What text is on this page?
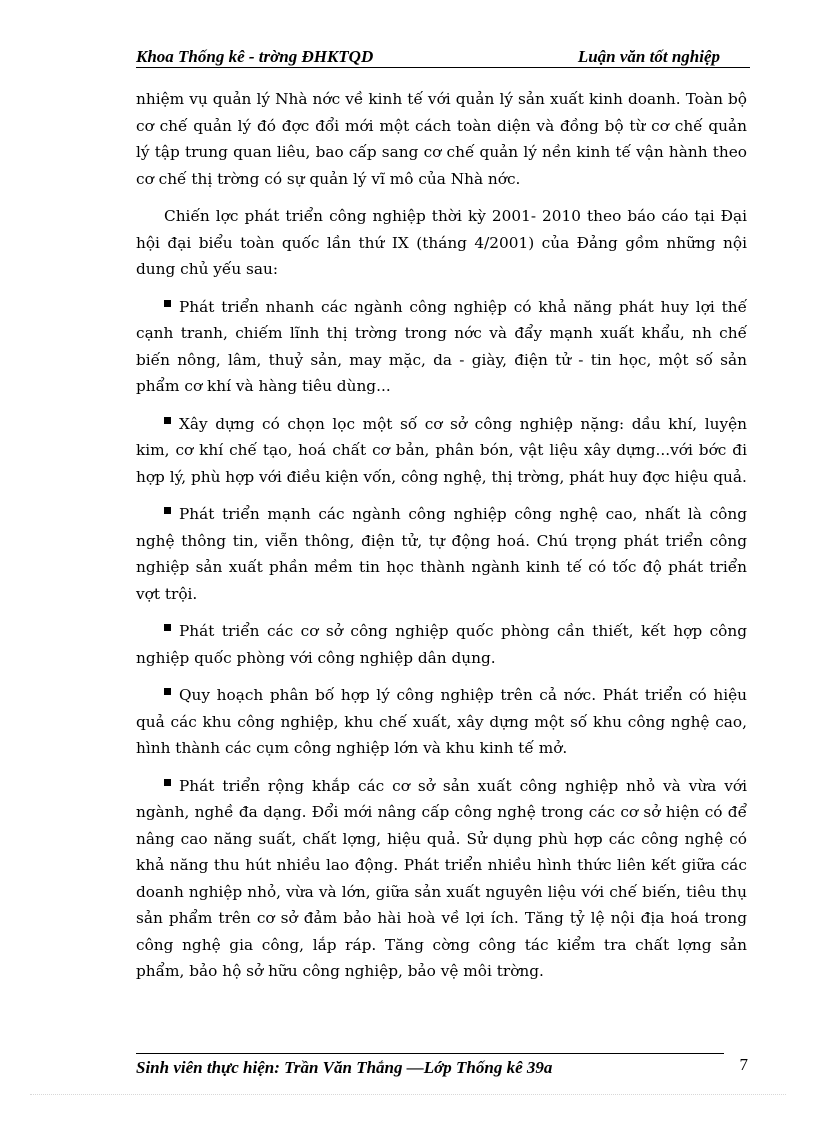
Khoa Thống kê - trờng ĐHKTQD	Luận văn tốt nghiệp

nhiệm vụ quản lý Nhà nớc về kinh tế với quản lý sản xuất kinh doanh. Toàn bộ cơ chế quản lý đó đợc đổi mới một cách toàn diện và đồng bộ từ cơ chế quản lý tập trung quan liêu, bao cấp sang cơ chế quản lý nền kinh tế vận hành theo cơ chế thị trờng có sự quản lý vĩ mô của Nhà nớc.

Chiến lợc phát triển công nghiệp thời kỳ 2001- 2010 theo báo cáo tại Đại hội đại biểu toàn quốc lần thứ IX (tháng 4/2001) của Đảng gồm những nội dung chủ yếu sau:

Phát triển nhanh các ngành công nghiệp có khả năng phát huy lợi thế cạnh tranh, chiếm lĩnh thị trờng trong nớc và đẩy mạnh xuất khẩu, nh chế biến nông, lâm, thuỷ sản, may mặc, da - giày, điện tử - tin học, một số sản phẩm cơ khí và hàng tiêu dùng...

Xây dựng có chọn lọc một số cơ sở công nghiệp nặng: dầu khí, luyện kim, cơ khí chế tạo, hoá chất cơ bản, phân bón, vật liệu xây dựng...với bớc đi hợp lý, phù hợp với điều kiện vốn, công nghệ, thị trờng, phát huy đợc hiệu quả.

Phát triển mạnh các ngành công nghiệp công nghệ cao, nhất là công nghệ thông tin, viễn thông, điện tử, tự động hoá. Chú trọng phát triển công nghiệp sản xuất phần mềm tin học thành ngành kinh tế có tốc độ phát triển vợt trội.

Phát triển các cơ sở công nghiệp quốc phòng cần thiết, kết hợp công nghiệp quốc phòng với công nghiệp dân dụng.

Quy hoạch phân bố hợp lý công nghiệp trên cả nớc. Phát triển có hiệu quả các khu công nghiệp, khu chế xuất, xây dựng một số khu công nghệ cao, hình thành các cụm công nghiệp lớn và khu kinh tế mở.

Phát triển rộng khắp các cơ sở sản xuất công nghiệp nhỏ và vừa với ngành, nghề đa dạng. Đổi mới nâng cấp công nghệ trong các cơ sở hiện có để nâng cao năng suất, chất lợng, hiệu quả. Sử dụng phù hợp các công nghệ có khả năng thu hút nhiều lao động. Phát triển nhiều hình thức liên kết giữa các doanh nghiệp nhỏ, vừa và lớn, giữa sản xuất nguyên liệu với chế biến, tiêu thụ sản phẩm trên cơ sở đảm bảo hài hoà về lợi ích. Tăng tỷ lệ nội địa hoá trong công nghệ gia công, lắp ráp. Tăng cờng công tác kiểm tra chất lợng sản phẩm, bảo hộ sở hữu công nghiệp, bảo vệ môi trờng.

Sinh viên thực hiện: Trần Văn Thắng —Lớp Thống kê 39a	7
